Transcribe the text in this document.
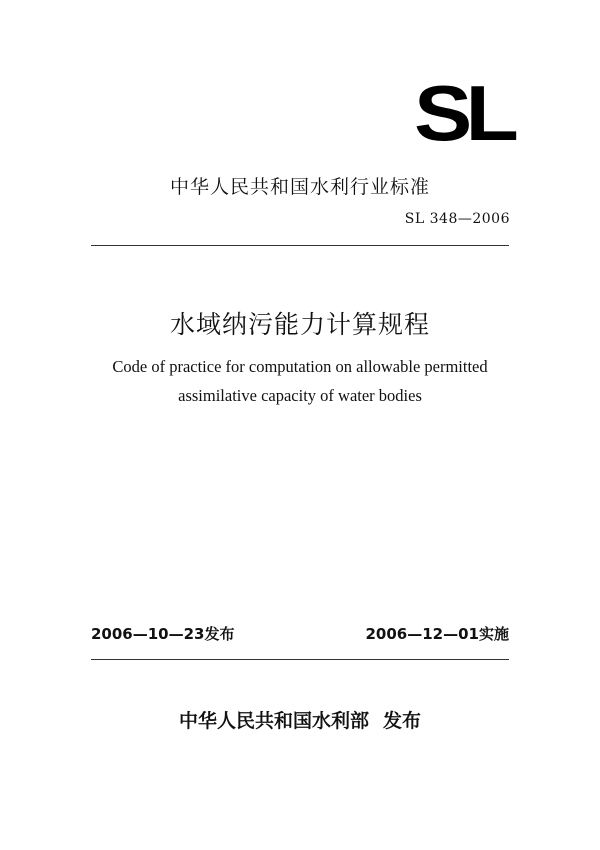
SL
中华人民共和国水利行业标准
SL 348—2006
水域纳污能力计算规程
Code of practice for computation on allowable permitted
assimilative capacity of water bodies
2006—10—23发布	2006—12—01实施
中华人民共和国水利部 发布
